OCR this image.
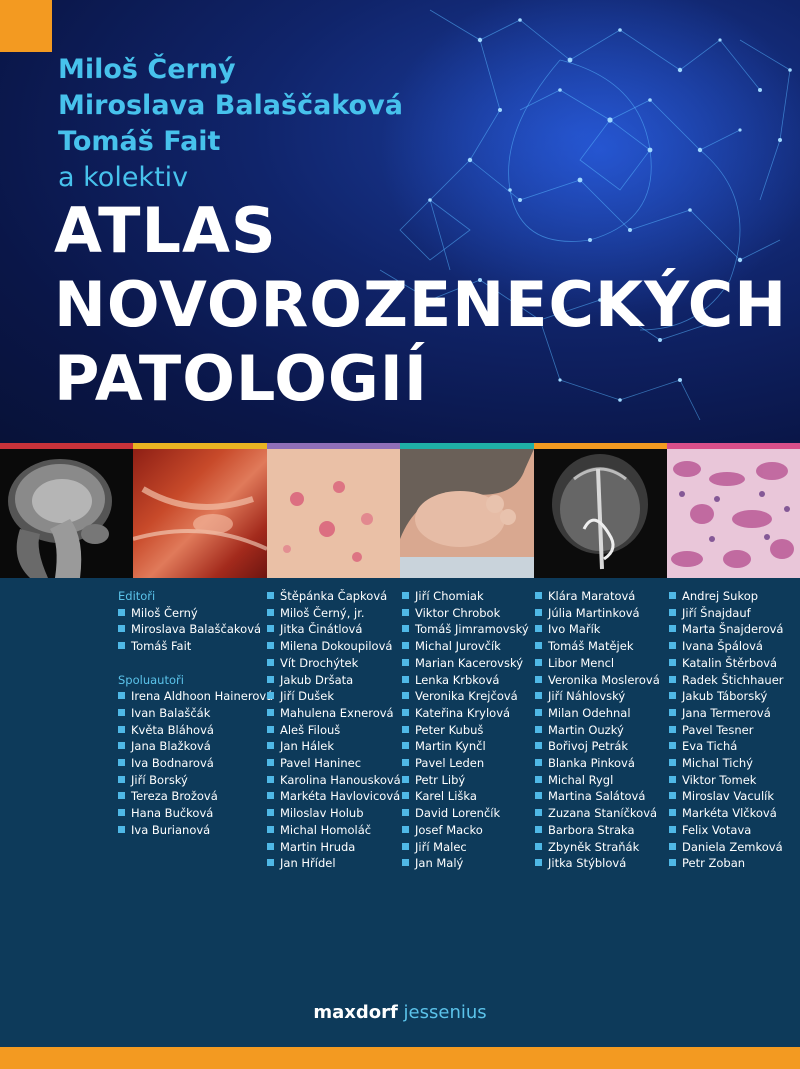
Miloš Černý
Miroslava Balaščaková
Tomáš Fait
a kolektiv
ATLAS
NOVOROZENECKÝCH
PATOLOGIÍ
Editoři
Miloš Černý
Miroslava Balaščaková
Tomáš Fait
Spoluautoři
Irena Aldhoon Hainerová
Ivan Balaščák
Květa Bláhová
Jana Blažková
Iva Bodnarová
Jiří Borský
Tereza Brožová
Hana Bučková
Iva Burianová
Štěpánka Čapková
Miloš Černý, jr.
Jitka Činátlová
Milena Dokoupilová
Vít Drochýtek
Jakub Dršata
Jiří Dušek
Mahulena Exnerová
Aleš Filouš
Jan Hálek
Pavel Haninec
Karolina Hanousková
Markéta Havlovicová
Miloslav Holub
Michal Homoláč
Martin Hruda
Jan Hřídel
Jiří Chomiak
Viktor Chrobok
Tomáš Jimramovský
Michal Jurovčík
Marian Kacerovský
Lenka Krbková
Veronika Krejčová
Kateřina Krylová
Peter Kubuš
Martin Kynčl
Pavel Leden
Petr Libý
Karel Liška
David Lorenčík
Josef Macko
Jiří Malec
Jan Malý
Klára Maratová
Júlia Martinková
Ivo Mařík
Tomáš Matějek
Libor Mencl
Veronika Moslerová
Jiří Náhlovský
Milan Odehnal
Martin Ouzký
Bořivoj Petrák
Blanka Pinková
Michal Rygl
Martina Salátová
Zuzana Staníčková
Barbora Straka
Zbyněk Straňák
Jitka Stýblová
Andrej Sukop
Jiří Šnajdauf
Marta Šnajderová
Ivana Špálová
Katalin Štěrbová
Radek Štichhauer
Jakub Táborský
Jana Termerová
Pavel Tesner
Eva Tichá
Michal Tichý
Viktor Tomek
Miroslav Vaculík
Markéta Vlčková
Felix Votava
Daniela Zemková
Petr Zoban
maxdorf jessenius
